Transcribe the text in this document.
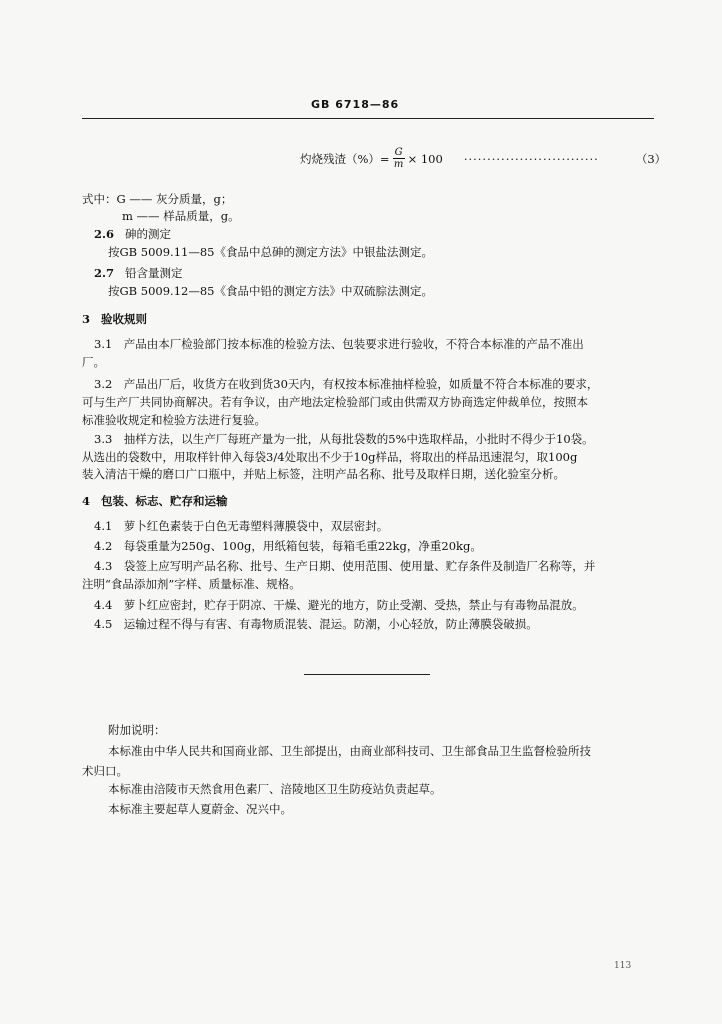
GB 6718—86
灼烧残渣（%）= $\frac{G}{m} \times 100$ ·····························	（3）
式中：G —— 灰分质量，g；
m —— 样品质量，g。
2.6 砷的测定
按GB 5009.11—85《食品中总砷的测定方法》中银盐法测定。
2.7 铅含量测定
按GB 5009.12—85《食品中铅的测定方法》中双硫腙法测定。
3 验收规则
3.1　产品由本厂检验部门按本标准的检验方法、包装要求进行验收，不符合本标准的产品不准出
厂。
3.2　产品出厂后，收货方在收到货30天内，有权按本标准抽样检验，如质量不符合本标准的要求，
可与生产厂共同协商解决。若有争议，由产地法定检验部门或由供需双方协商选定仲裁单位，按照本
标准验收规定和检验方法进行复验。
3.3　抽样方法，以生产厂每班产量为一批，从每批袋数的5%中选取样品，小批时不得少于10袋。
从选出的袋数中，用取样针伸入每袋3/4处取出不少于10g样品，将取出的样品迅速混匀，取100g
装入清洁干燥的磨口广口瓶中，并贴上标签，注明产品名称、批号及取样日期，送化验室分析。
4 包装、标志、贮存和运输
4.1　萝卜红色素装于白色无毒塑料薄膜袋中，双层密封。
4.2　每袋重量为250g、100g，用纸箱包装，每箱毛重22kg，净重20kg。
4.3　袋签上应写明产品名称、批号、生产日期、使用范围、使用量、贮存条件及制造厂名称等，并
注明“食品添加剂”字样、质量标准、规格。
4.4　萝卜红应密封，贮存于阴凉、干燥、避光的地方，防止受潮、受热，禁止与有毒物品混放。
4.5　运输过程不得与有害、有毒物质混装、混运。防潮，小心轻放，防止薄膜袋破损。
附加说明：
本标准由中华人民共和国商业部、卫生部提出，由商业部科技司、卫生部食品卫生监督检验所技
术归口。
本标准由涪陵市天然食用色素厂、涪陵地区卫生防疫站负责起草。
本标准主要起草人夏蔚金、况兴中。
113
